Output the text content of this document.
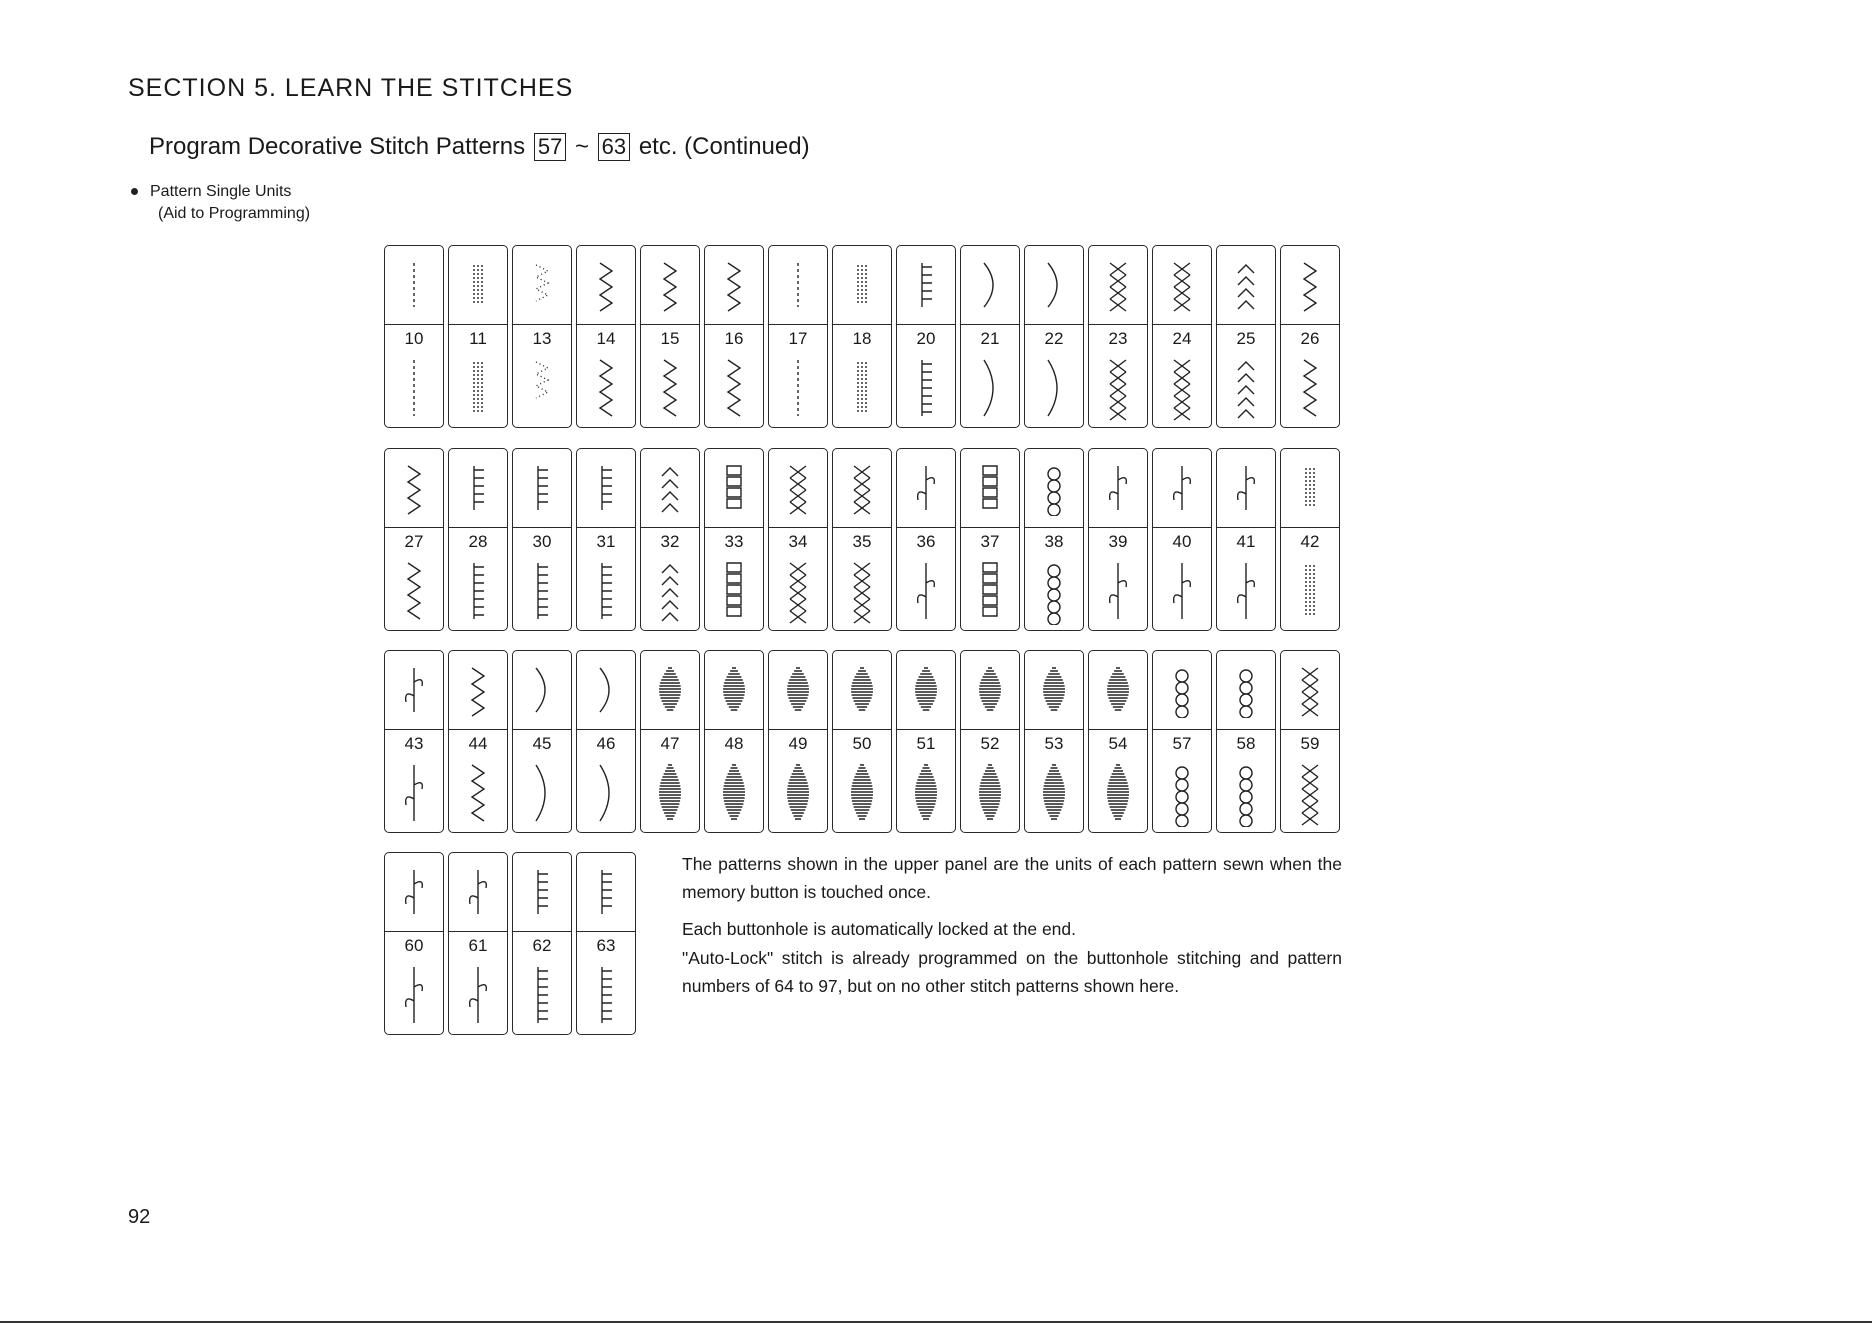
SECTION 5. LEARN THE STITCHES
Program Decorative Stitch Patterns 57 ~ 63 etc. (Continued)
Pattern Single Units
(Aid to Programming)
10	11	13	14	15	16	17	18	20	21	22	23	24	25	26
27	28	30	31	32	33	34	35	36	37	38	39	40	41	42
43	44	45	46	47	48	49	50	51	52	53	54	57	58	59
60	61	62	63
The patterns shown in the upper panel are the units of each pattern sewn when the memory button is touched once.
Each buttonhole is automatically locked at the end.
"Auto-Lock" stitch is already programmed on the buttonhole stitching and pattern numbers of 64 to 97, but on no other stitch patterns shown here.
92
